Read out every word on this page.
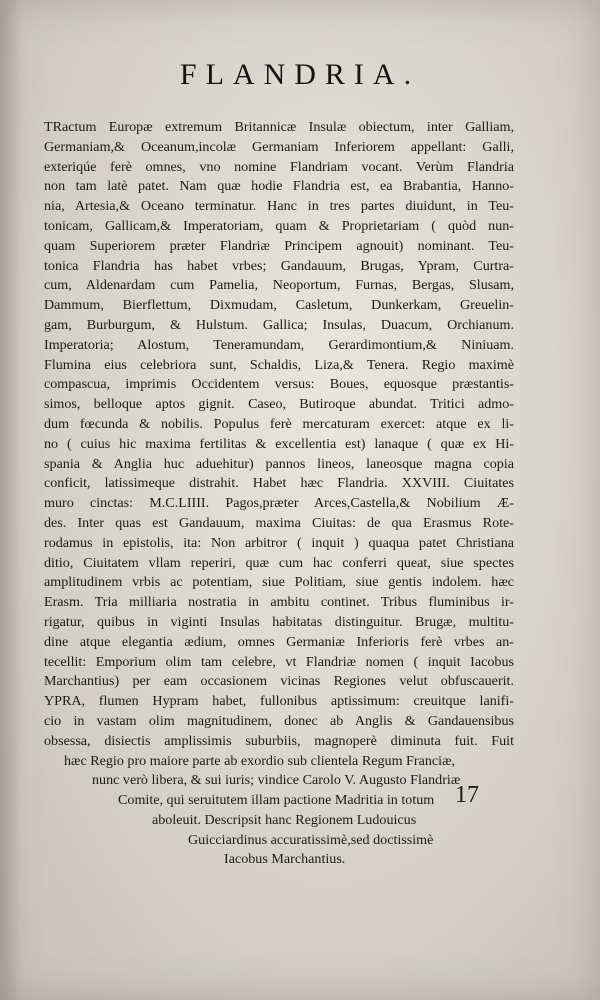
FLANDRIA.
TRactum Europæ extremum Britannicæ Insulæ obiectum, inter Galliam,
Germaniam,& Oceanum,incolæ Germaniam Inferiorem appellant: Galli,
exteriqúe ferè omnes, vno nomine Flandriam vocant. Verùm Flandria
non tam latè patet. Nam quæ hodie Flandria est, ea Brabantia, Hanno-
nia, Artesia,& Oceano terminatur. Hanc in tres partes diuidunt, in Teu-
tonicam, Gallicam,& Imperatoriam, quam & Proprietariam ( quòd nun-
quam Superiorem præter Flandriæ Principem agnouit) nominant. Teu-
tonica Flandria has habet vrbes; Gandauum, Brugas, Ypram, Curtra-
cum, Aldenardam cum Pamelia, Neoportum, Furnas, Bergas, Slusam,
Dammum, Bierflettum, Dixmudam, Casletum, Dunkerkam, Greuelin-
gam, Burburgum, & Hulstum. Gallica; Insulas, Duacum, Orchianum.
Imperatoria; Alostum, Teneramundam, Gerardimontium,& Niniuam.
Flumina eius celebriora sunt, Schaldis, Liza,& Tenera. Regio maximè
compascua, imprimis Occidentem versus: Boues, equosque præstantis-
simos, belloque aptos gignit. Caseo, Butiroque abundat. Tritici admo-
dum fœcunda & nobilis. Populus ferè mercaturam exercet: atque ex li-
no ( cuius hic maxima fertilitas & excellentia est) lanaque ( quæ ex Hi-
spania & Anglia huc aduehitur) pannos lineos, laneosque magna copia
conficit, latissimeque distrahit. Habet hæc Flandria. XXVIII. Ciuitates
muro cinctas: M.C.LIIII. Pagos,præter Arces,Castella,& Nobilium Æ-
des. Inter quas est Gandauum, maxima Ciuitas: de qua Erasmus Rote-
rodamus in epistolis, ita: Non arbitror ( inquit ) quaqua patet Christiana
ditio, Ciuitatem vllam reperiri, quæ cum hac conferri queat, siue spectes
amplitudinem vrbis ac potentiam, siue Politiam, siue gentis indolem. hæc
Erasm. Tria milliaria nostratia in ambitu continet. Tribus fluminibus ir-
rigatur, quibus in viginti Insulas habitatas distinguitur. Brugæ, multitu-
dine atque elegantia ædium, omnes Germaniæ Inferioris ferè vrbes an-
tecellit: Emporium olim tam celebre, vt Flandriæ nomen ( inquit Iacobus
Marchantius) per eam occasionem vicinas Regiones velut obfuscauerit.
YPRA, flumen Hypram habet, fullonibus aptissimum: creuitque lanifi-
cio in vastam olim magnitudinem, donec ab Anglis & Gandauensibus
obsessa, disiectis amplissimis suburbiis, magnoperè diminuta fuit. Fuit
hæc Regio pro maiore parte ab exordio sub clientela Regum Franciæ,
nunc verò libera, & sui iuris; vindice Carolo V. Augusto Flandriæ
Comite, qui seruitutem illam pactione Madritia in totum
aboleuit. Descripsit hanc Regionem Ludouicus
Guicciardinus accuratissimè,sed doctissimè
Iacobus Marchantius.
17
